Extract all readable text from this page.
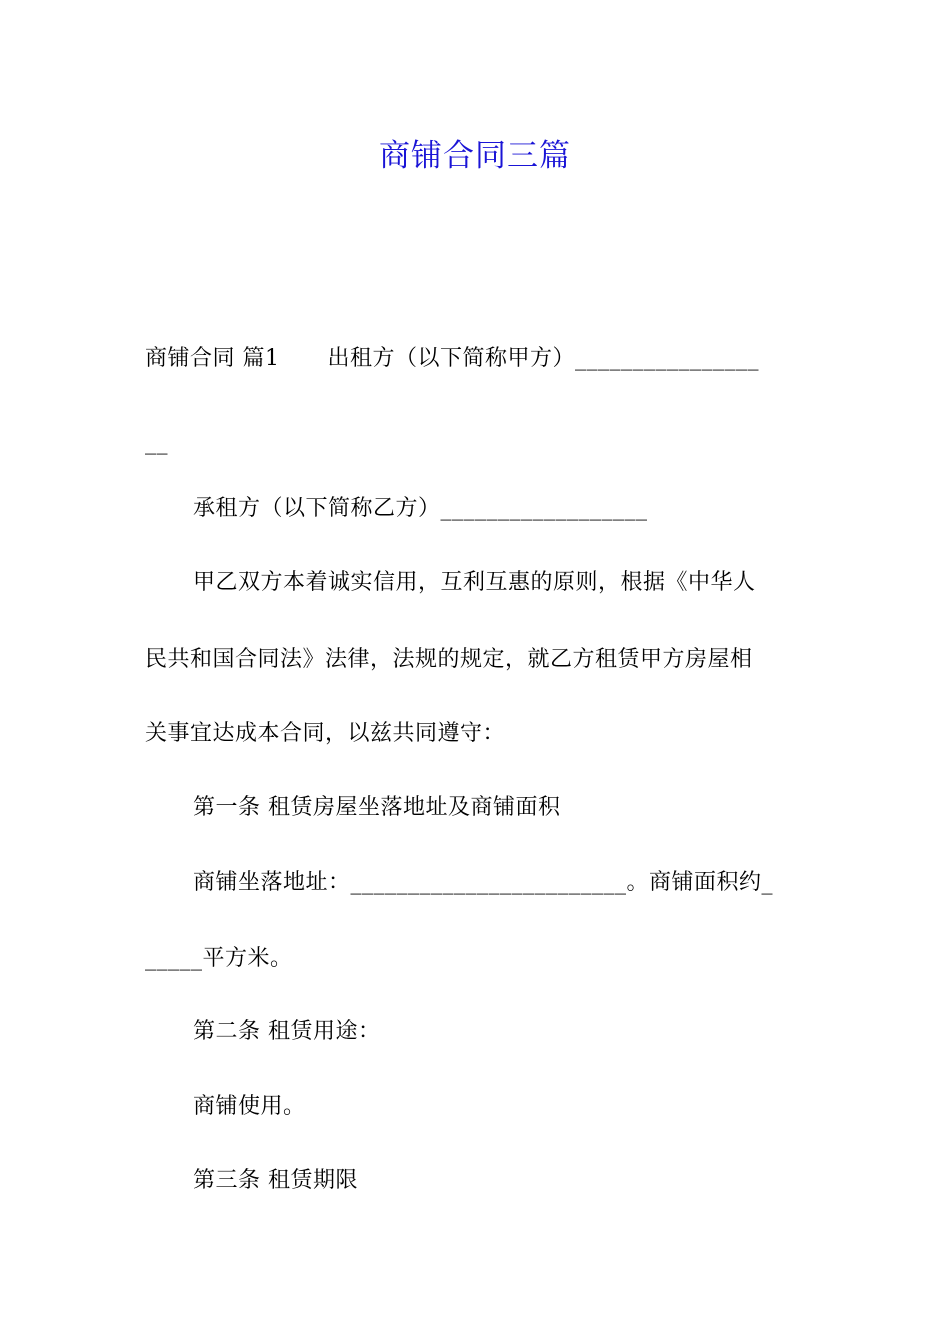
商铺合同三篇
商铺合同 篇1 出租方（以下简称甲方）________________
__
承租方（以下简称乙方）__________________
甲乙双方本着诚实信用，互利互惠的原则，根据《中华人
民共和国合同法》法律，法规的规定，就乙方租赁甲方房屋相
关事宜达成本合同，以兹共同遵守：
第一条 租赁房屋坐落地址及商铺面积
商铺坐落地址：________________________。商铺面积约_
_____平方米。
第二条 租赁用途：
商铺使用。
第三条 租赁期限
